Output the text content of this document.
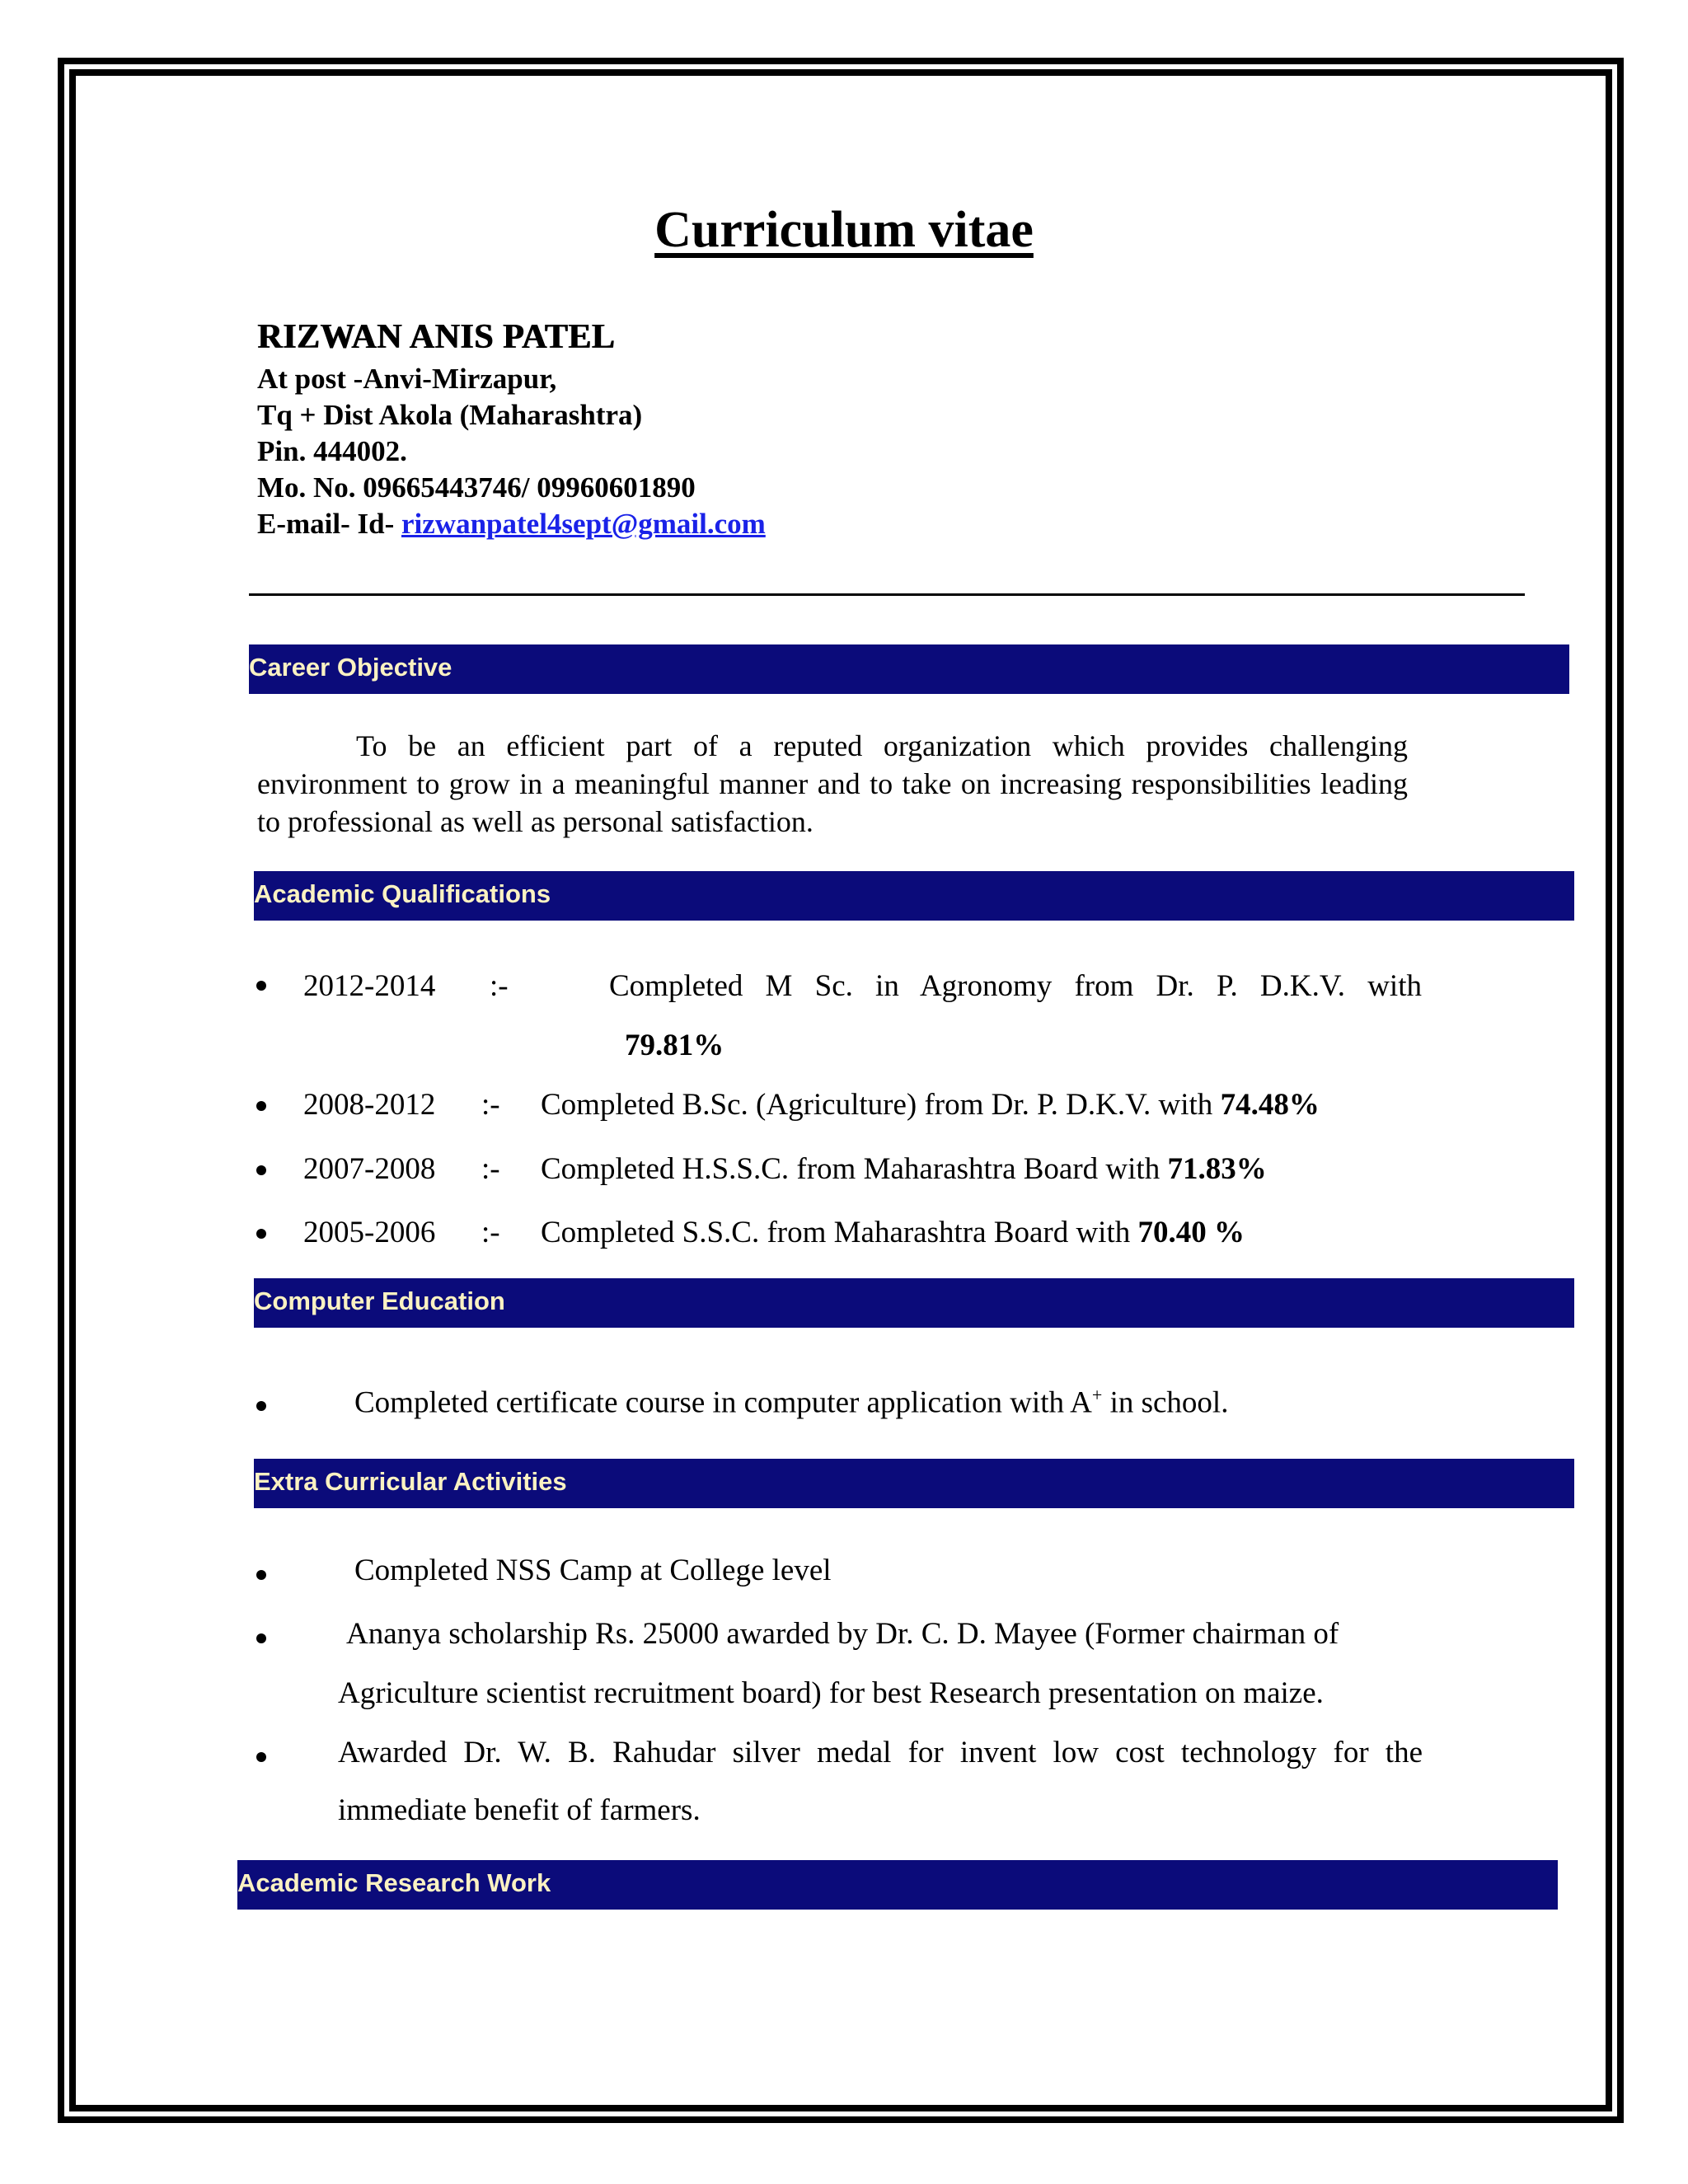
Curriculum vitae
RIZWAN ANIS PATEL
At post -Anvi-Mirzapur,
Tq + Dist Akola (Maharashtra)
Pin. 444002.
Mo. No. 09665443746/ 09960601890
E-mail- Id- rizwanpatel4sept@gmail.com
Career Objective
To be an efficient part of a reputed organization which provides challenging environment to grow in a meaningful manner and to take on increasing responsibilities leading to professional as well as personal satisfaction.
Academic Qualifications
2012-2014 :-	Completed M Sc. in Agronomy from Dr. P. D.K.V. with
79.81%
2008-2012 :- Completed B.Sc. (Agriculture) from Dr. P. D.K.V. with 74.48%
2007-2008 :- Completed H.S.S.C. from Maharashtra Board with 71.83%
2005-2006 :- Completed S.S.C. from Maharashtra Board with 70.40 %
Computer Education
Completed certificate course in computer application with A+ in school.
Extra Curricular Activities
Completed NSS Camp at College level
Ananya scholarship Rs. 25000 awarded by Dr. C. D. Mayee (Former chairman of
Agriculture scientist recruitment board) for best Research presentation on maize.
Awarded Dr. W. B. Rahudar silver medal for invent low cost technology for the
immediate benefit of farmers.
Academic Research Work
